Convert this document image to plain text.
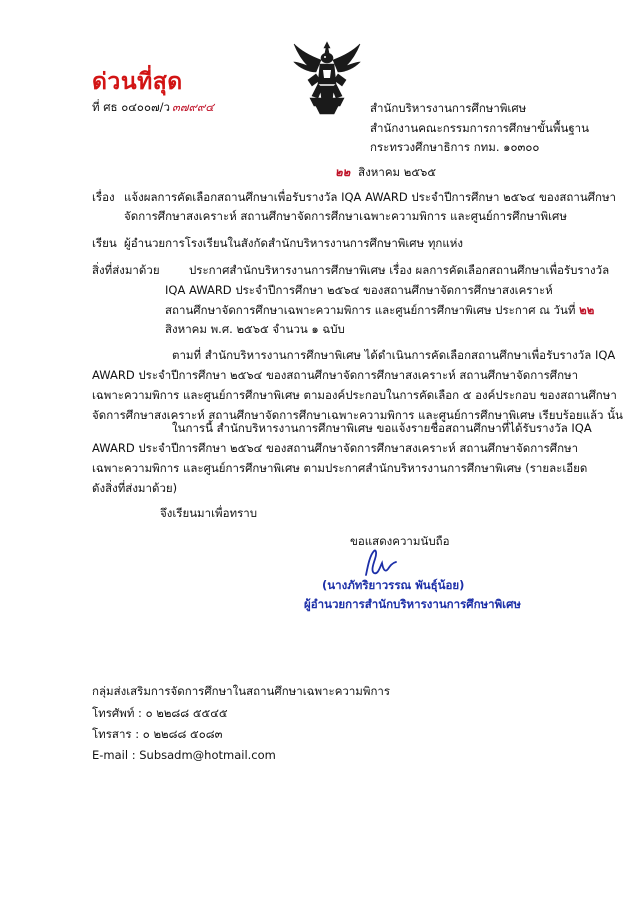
ด่วนที่สุด
ที่ ศธ ๐๔๐๐๗/ว ๓๗๙๙๔	สำนักบริหารงานการศึกษาพิเศษ
สำนักงานคณะกรรมการการศึกษาขั้นพื้นฐาน
กระทรวงศึกษาธิการ กทม. ๑๐๓๐๐
๒๒ สิงหาคม ๒๕๖๕
เรื่อง แจ้งผลการคัดเลือกสถานศึกษาเพื่อรับรางวัล IQA AWARD ประจำปีการศึกษา ๒๕๖๔ ของสถานศึกษา
จัดการศึกษาสงเคราะห์ สถานศึกษาจัดการศึกษาเฉพาะความพิการ และศูนย์การศึกษาพิเศษ
เรียน ผู้อำนวยการโรงเรียนในสังกัดสำนักบริหารงานการศึกษาพิเศษ ทุกแห่ง
สิ่งที่ส่งมาด้วย	ประกาศสำนักบริหารงานการศึกษาพิเศษ เรื่อง ผลการคัดเลือกสถานศึกษาเพื่อรับรางวัล
IQA AWARD ประจำปีการศึกษา ๒๕๖๔ ของสถานศึกษาจัดการศึกษาสงเคราะห์
สถานศึกษาจัดการศึกษาเฉพาะความพิการ และศูนย์การศึกษาพิเศษ ประกาศ ณ วันที่ ๒๒
สิงหาคม พ.ศ. ๒๕๖๕ จำนวน ๑ ฉบับ
ตามที่ สำนักบริหารงานการศึกษาพิเศษ ได้ดำเนินการคัดเลือกสถานศึกษาเพื่อรับรางวัล IQA
AWARD ประจำปีการศึกษา ๒๕๖๔ ของสถานศึกษาจัดการศึกษาสงเคราะห์ สถานศึกษาจัดการศึกษา
เฉพาะความพิการ และศูนย์การศึกษาพิเศษ ตามองค์ประกอบในการคัดเลือก ๕ องค์ประกอบ ของสถานศึกษา
จัดการศึกษาสงเคราะห์ สถานศึกษาจัดการศึกษาเฉพาะความพิการ และศูนย์การศึกษาพิเศษ เรียบร้อยแล้ว นั้น
ในการนี้ สำนักบริหารงานการศึกษาพิเศษ ขอแจ้งรายชื่อสถานศึกษาที่ได้รับรางวัล IQA
AWARD ประจำปีการศึกษา ๒๕๖๔ ของสถานศึกษาจัดการศึกษาสงเคราะห์ สถานศึกษาจัดการศึกษา
เฉพาะความพิการ และศูนย์การศึกษาพิเศษ ตามประกาศสำนักบริหารงานการศึกษาพิเศษ (รายละเอียด
ดังสิ่งที่ส่งมาด้วย)
จึงเรียนมาเพื่อทราบ
ขอแสดงความนับถือ
(นางภัทริยาวรรณ พันธุ์น้อย)
ผู้อำนวยการสำนักบริหารงานการศึกษาพิเศษ
กลุ่มส่งเสริมการจัดการศึกษาในสถานศึกษาเฉพาะความพิการ
โทรศัพท์ : ๐ ๒๒๘๘ ๕๕๔๕
โทรสาร : ๐ ๒๒๘๘ ๕๐๘๓
E-mail : Subsadm@hotmail.com
